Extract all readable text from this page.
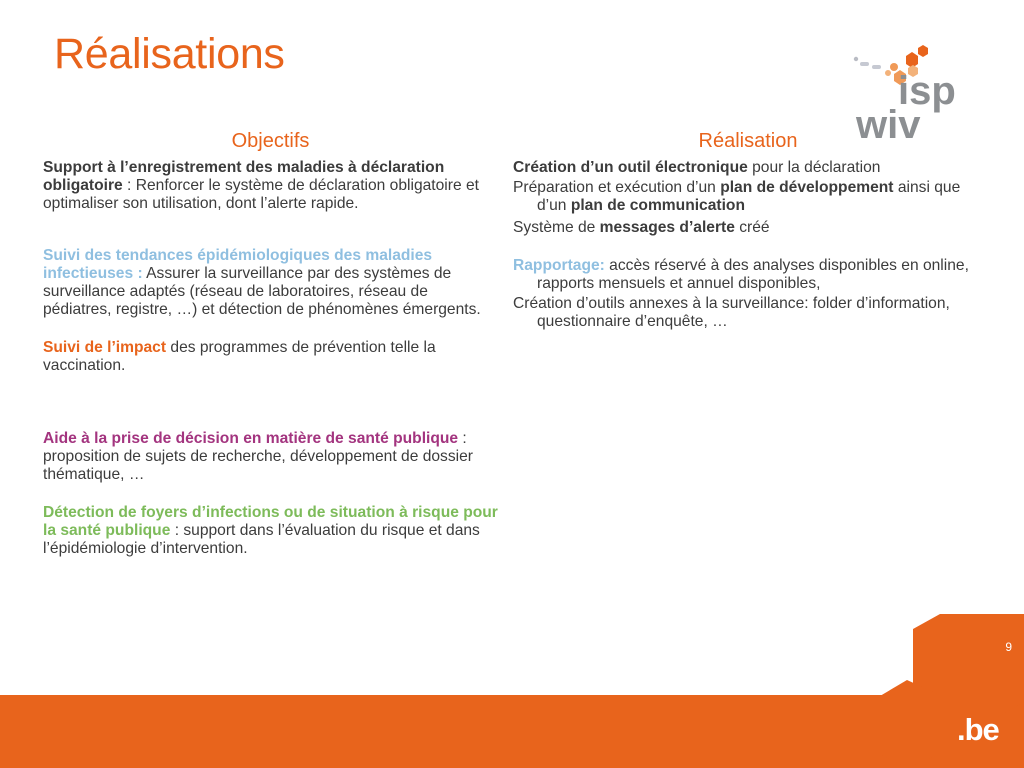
Réalisations
isp
wiv
Objectifs

Support à l’enregistrement des maladies à déclaration obligatoire : Renforcer le système de déclaration obligatoire et optimaliser son utilisation, dont l’alerte rapide.

Suivi des tendances épidémiologiques des maladies infectieuses : Assurer la surveillance par des systèmes de surveillance adaptés (réseau de laboratoires, réseau de pédiatres, registre, …) et détection de phénomènes émergents.

Suivi de l’impact des programmes de prévention telle la vaccination.

Aide à la prise de décision en matière de santé publique : proposition de sujets de recherche, développement de dossier thématique, …

Détection de foyers d’infections ou de situation à risque pour la santé publique : support dans l’évaluation du risque et dans l’épidémiologie d’intervention.

Réalisation

Création d’un outil électronique pour la déclaration

Préparation et exécution d’un plan de développement ainsi que d’un plan de communication

Système de messages d’alerte créé

Rapportage: accès réservé à des analyses disponibles en online, rapports mensuels et annuel disponibles,

Création d’outils annexes à la surveillance: folder d’information, questionnaire d’enquête, …

9
.be
